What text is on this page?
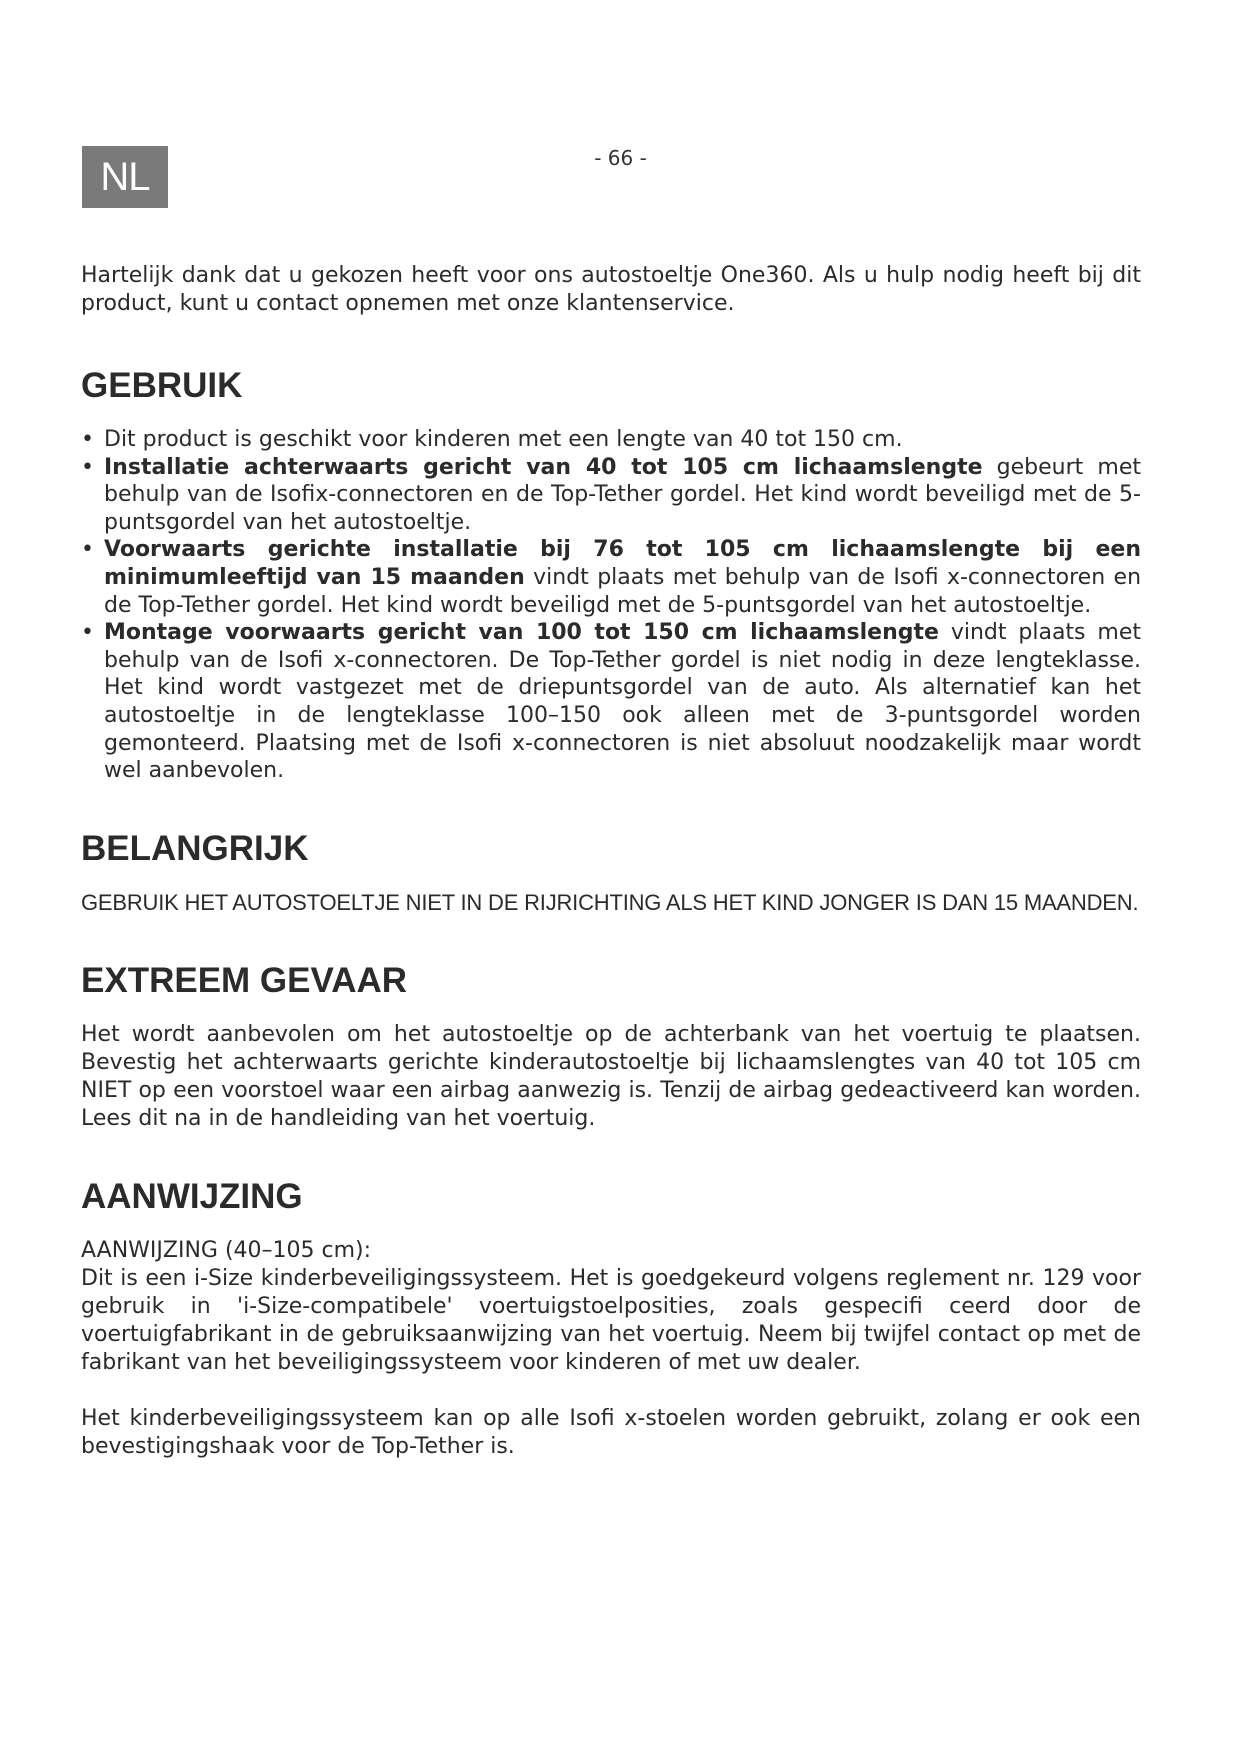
NL	- 66 -

Hartelijk dank dat u gekozen heeft voor ons autostoeltje One360. Als u hulp nodig heeft bij dit product, kunt u contact opnemen met onze klantenservice.

GEBRUIK
• Dit product is geschikt voor kinderen met een lengte van 40 tot 150 cm.
• Installatie achterwaarts gericht van 40 tot 105 cm lichaamslengte gebeurt met behulp van de Isofix-connectoren en de Top-Tether gordel. Het kind wordt beveiligd met de 5-puntsgordel van het autostoeltje.
• Voorwaarts gerichte installatie bij 76 tot 105 cm lichaamslengte bij een minimumleeftijd van 15 maanden vindt plaats met behulp van de Isofi x-connectoren en de Top-Tether gordel. Het kind wordt beveiligd met de 5-puntsgordel van het autostoeltje.
• Montage voorwaarts gericht van 100 tot 150 cm lichaamslengte vindt plaats met behulp van de Isofi x-connectoren. De Top-Tether gordel is niet nodig in deze lengteklasse. Het kind wordt vastgezet met de driepuntsgordel van de auto. Als alternatief kan het autostoeltje in de lengteklasse 100–150 ook alleen met de 3-puntsgordel worden gemonteerd. Plaatsing met de Isofi x-connectoren is niet absoluut noodzakelijk maar wordt wel aanbevolen.
BELANGRIJK

GEBRUIK HET AUTOSTOELTJE NIET IN DE RIJRICHTING ALS HET KIND JONGER IS DAN 15 MAANDEN.

EXTREEM GEVAAR

Het wordt aanbevolen om het autostoeltje op de achterbank van het voertuig te plaatsen. Bevestig het achterwaarts gerichte kinderautostoeltje bij lichaamslengtes van 40 tot 105 cm NIET op een voorstoel waar een airbag aanwezig is. Tenzij de airbag gedeactiveerd kan worden. Lees dit na in de handleiding van het voertuig.

AANWIJZING

AANWIJZING (40–105 cm):

Dit is een i-Size kinderbeveiligingssysteem. Het is goedgekeurd volgens reglement nr. 129 voor gebruik in 'i-Size-compatibele' voertuigstoelposities, zoals gespecifi ceerd door de voertuigfabrikant in de gebruiksaanwijzing van het voertuig. Neem bij twijfel contact op met de fabrikant van het beveiligingssysteem voor kinderen of met uw dealer.

Het kinderbeveiligingssysteem kan op alle Isofi x-stoelen worden gebruikt, zolang er ook een bevestigingshaak voor de Top-Tether is.
